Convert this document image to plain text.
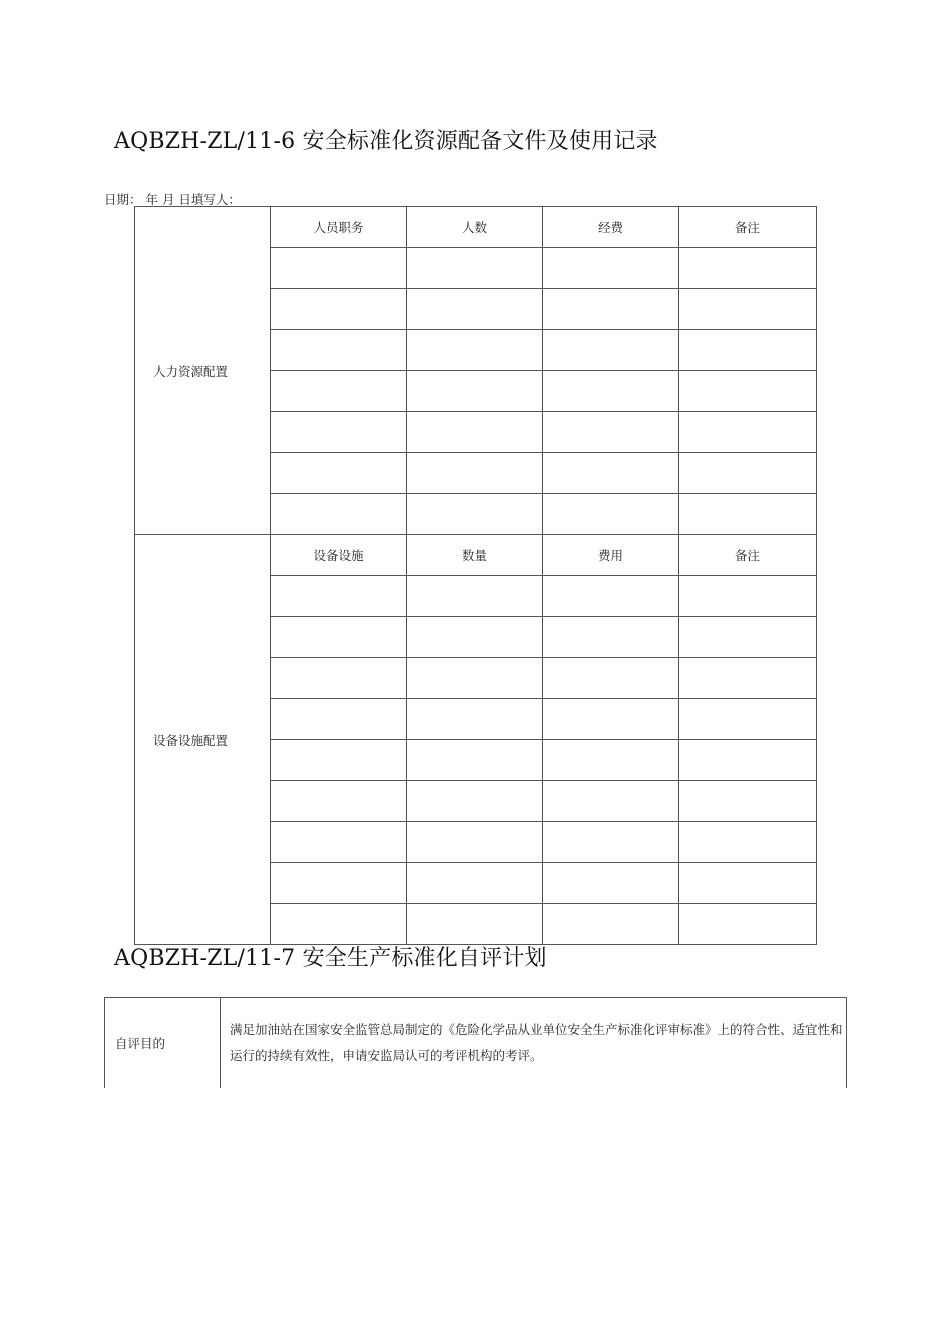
AQBZH-ZL/11-6 安全标准化资源配备文件及使用记录
日期： 年 月 日填写人：
人力资源配置	人员职务	人数	经费	备注

设备设施配置	设备设施	数量	费用	备注

AQBZH-ZL/11-7 安全生产标准化自评计划
自评目的	满足加油站在国家安全监管总局制定的《危险化学品从业单位安全生产标准化评审标准》上的符合性、适宜性和运行的持续有效性，申请安监局认可的考评机构的考评。
